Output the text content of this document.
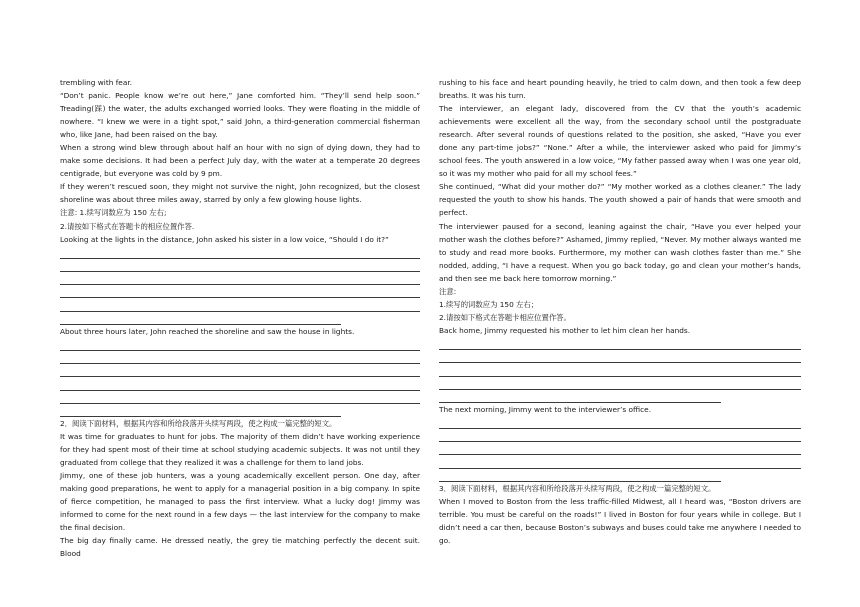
trembling with fear.

“Don’t panic. People know we’re out here,” Jane comforted him. “They’ll send help soon.” Treading(踩) the water, the adults exchanged worried looks. They were floating in the middle of nowhere. “I knew we were in a tight spot,” said John, a third-generation commercial fisherman who, like Jane, had been raised on the bay.

When a strong wind blew through about half an hour with no sign of dying down, they had to make some decisions. It had been a perfect July day, with the water at a temperate 20 degrees centigrade, but everyone was cold by 9 pm.

If they weren’t rescued soon, they might not survive the night, John recognized, but the closest shoreline was about three miles away, starred by only a few glowing house lights.

注意: 1.续写词数应为 150 左右;

2.请按如下格式在答题卡的相应位置作答.

Looking at the lights in the distance, John asked his sister in a low voice, “Should I do it?”

About three hours later, John reached the shoreline and saw the house in lights.

2．阅读下面材料，根据其内容和所给段落开头续写两段，使之构成一篇完整的短文。

It was time for graduates to hunt for jobs. The majority of them didn’t have working experience for they had spent most of their time at school studying academic subjects. It was not until they graduated from college that they realized it was a challenge for them to land jobs.

Jimmy, one of these job hunters, was a young academically excellent person. One day, after making good preparations, he went to apply for a managerial position in a big company. In spite of fierce competition, he managed to pass the first interview. What a lucky dog! Jimmy was informed to come for the next round in a few days — the last interview for the company to make the final decision.

The big day finally came. He dressed neatly, the grey tie matching perfectly the decent suit. Blood

rushing to his face and heart pounding heavily, he tried to calm down, and then took a few deep breaths. It was his turn.

The interviewer, an elegant lady, discovered from the CV that the youth’s academic achievements were excellent all the way, from the secondary school until the postgraduate research. After several rounds of questions related to the position, she asked, “Have you ever done any part-time jobs?” “None.” After a while, the interviewer asked who paid for Jimmy’s school fees. The youth answered in a low voice, “My father passed away when I was one year old, so it was my mother who paid for all my school fees.”

She continued, “What did your mother do?” “My mother worked as a clothes cleaner.” The lady requested the youth to show his hands. The youth showed a pair of hands that were smooth and perfect.

The interviewer paused for a second, leaning against the chair, “Have you ever helped your mother wash the clothes before?” Ashamed, Jimmy replied, “Never. My mother always wanted me to study and read more books. Furthermore, my mother can wash clothes faster than me.” She nodded, adding, “I have a request. When you go back today, go and clean your mother’s hands, and then see me back here tomorrow morning.”

注意:

1.续写的词数应为 150 左右；

2.请按如下格式在答题卡相应位置作答。

Back home, Jimmy requested his mother to let him clean her hands.

The next morning, Jimmy went to the interviewer’s office.

3．阅读下面材料，根据其内容和所给段落开头续写两段，使之构成一篇完整的短文。

When I moved to Boston from the less traffic-filled Midwest, all I heard was, “Boston drivers are terrible. You must be careful on the roads!” I lived in Boston for four years while in college. But I didn’t need a car then, because Boston’s subways and buses could take me anywhere I needed to go.
